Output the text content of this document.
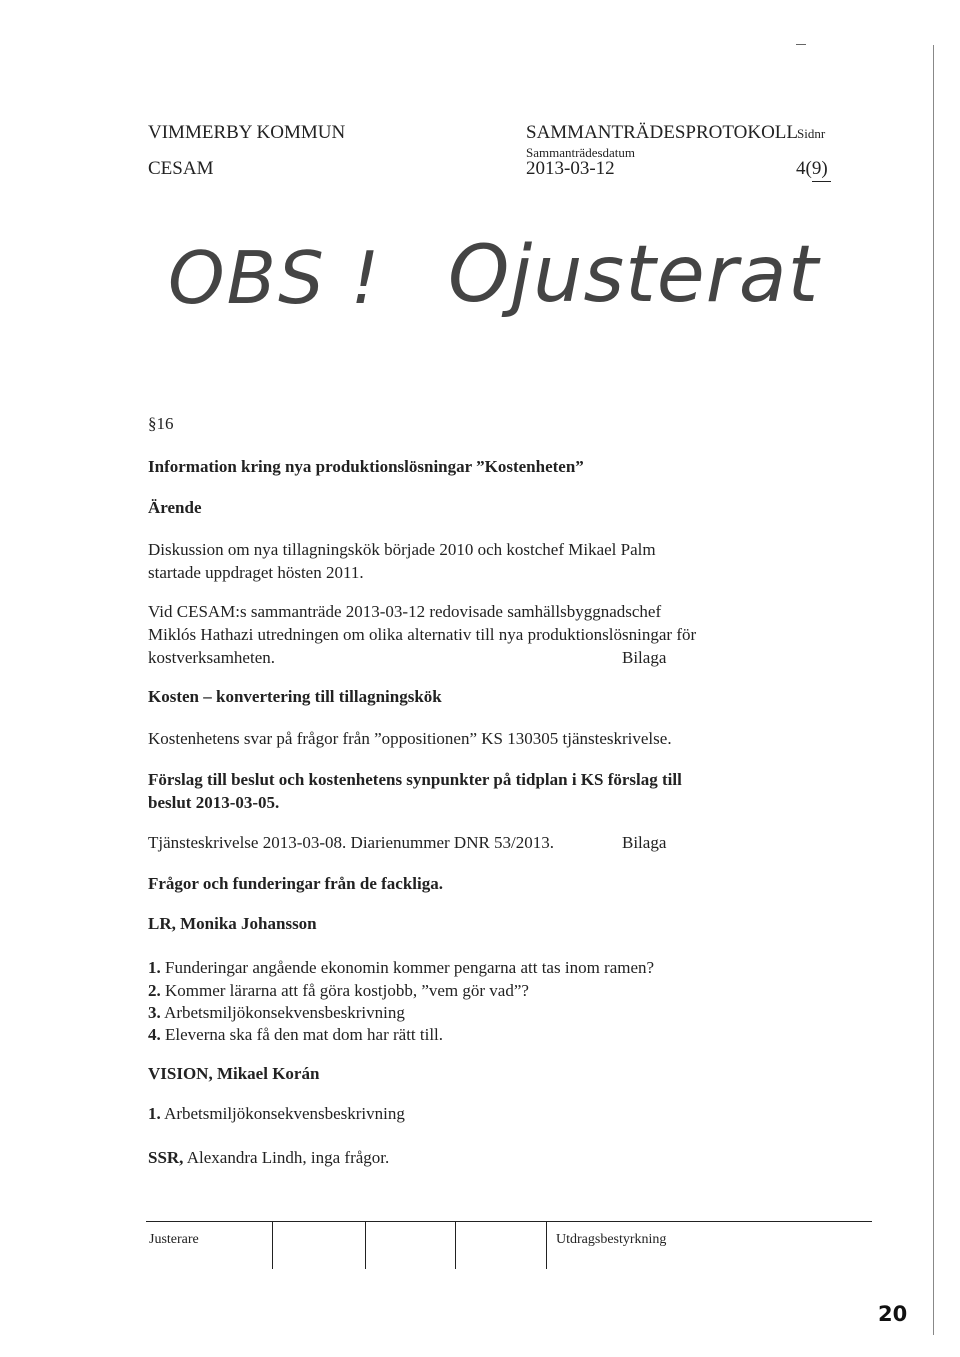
VIMMERBY KOMMUN	SAMMANTRÄDESPROTOKOLL
Sidnr
Sammanträdesdatum
CESAM	2013-03-12	4(9)
OBS ! Ojusterat
§16
Information kring nya produktionslösningar ”Kostenheten”
Ärende
Diskussion om nya tillagningskök började 2010 och kostchef Mikael Palm
startade uppdraget hösten 2011.
Vid CESAM:s sammanträde 2013-03-12 redovisade samhällsbyggnadschef
Miklós Hathazi utredningen om olika alternativ till nya produktionslösningar för
kostverksamheten.	Bilaga
Kosten – konvertering till tillagningskök
Kostenhetens svar på frågor från ”oppositionen” KS 130305 tjänsteskrivelse.
Förslag till beslut och kostenhetens synpunkter på tidplan i KS förslag till
beslut 2013-03-05.
Tjänsteskrivelse 2013-03-08. Diarienummer DNR 53/2013.	Bilaga
Frågor och funderingar från de fackliga.
LR, Monika Johansson
1. Funderingar angående ekonomin kommer pengarna att tas inom ramen?
2. Kommer lärarna att få göra kostjobb, ”vem gör vad”?
3. Arbetsmiljökonsekvensbeskrivning
4. Eleverna ska få den mat dom har rätt till.
VISION, Mikael Korán
1. Arbetsmiljökonsekvensbeskrivning
SSR, Alexandra Lindh, inga frågor.
Justerare	Utdragsbestyrkning
20
